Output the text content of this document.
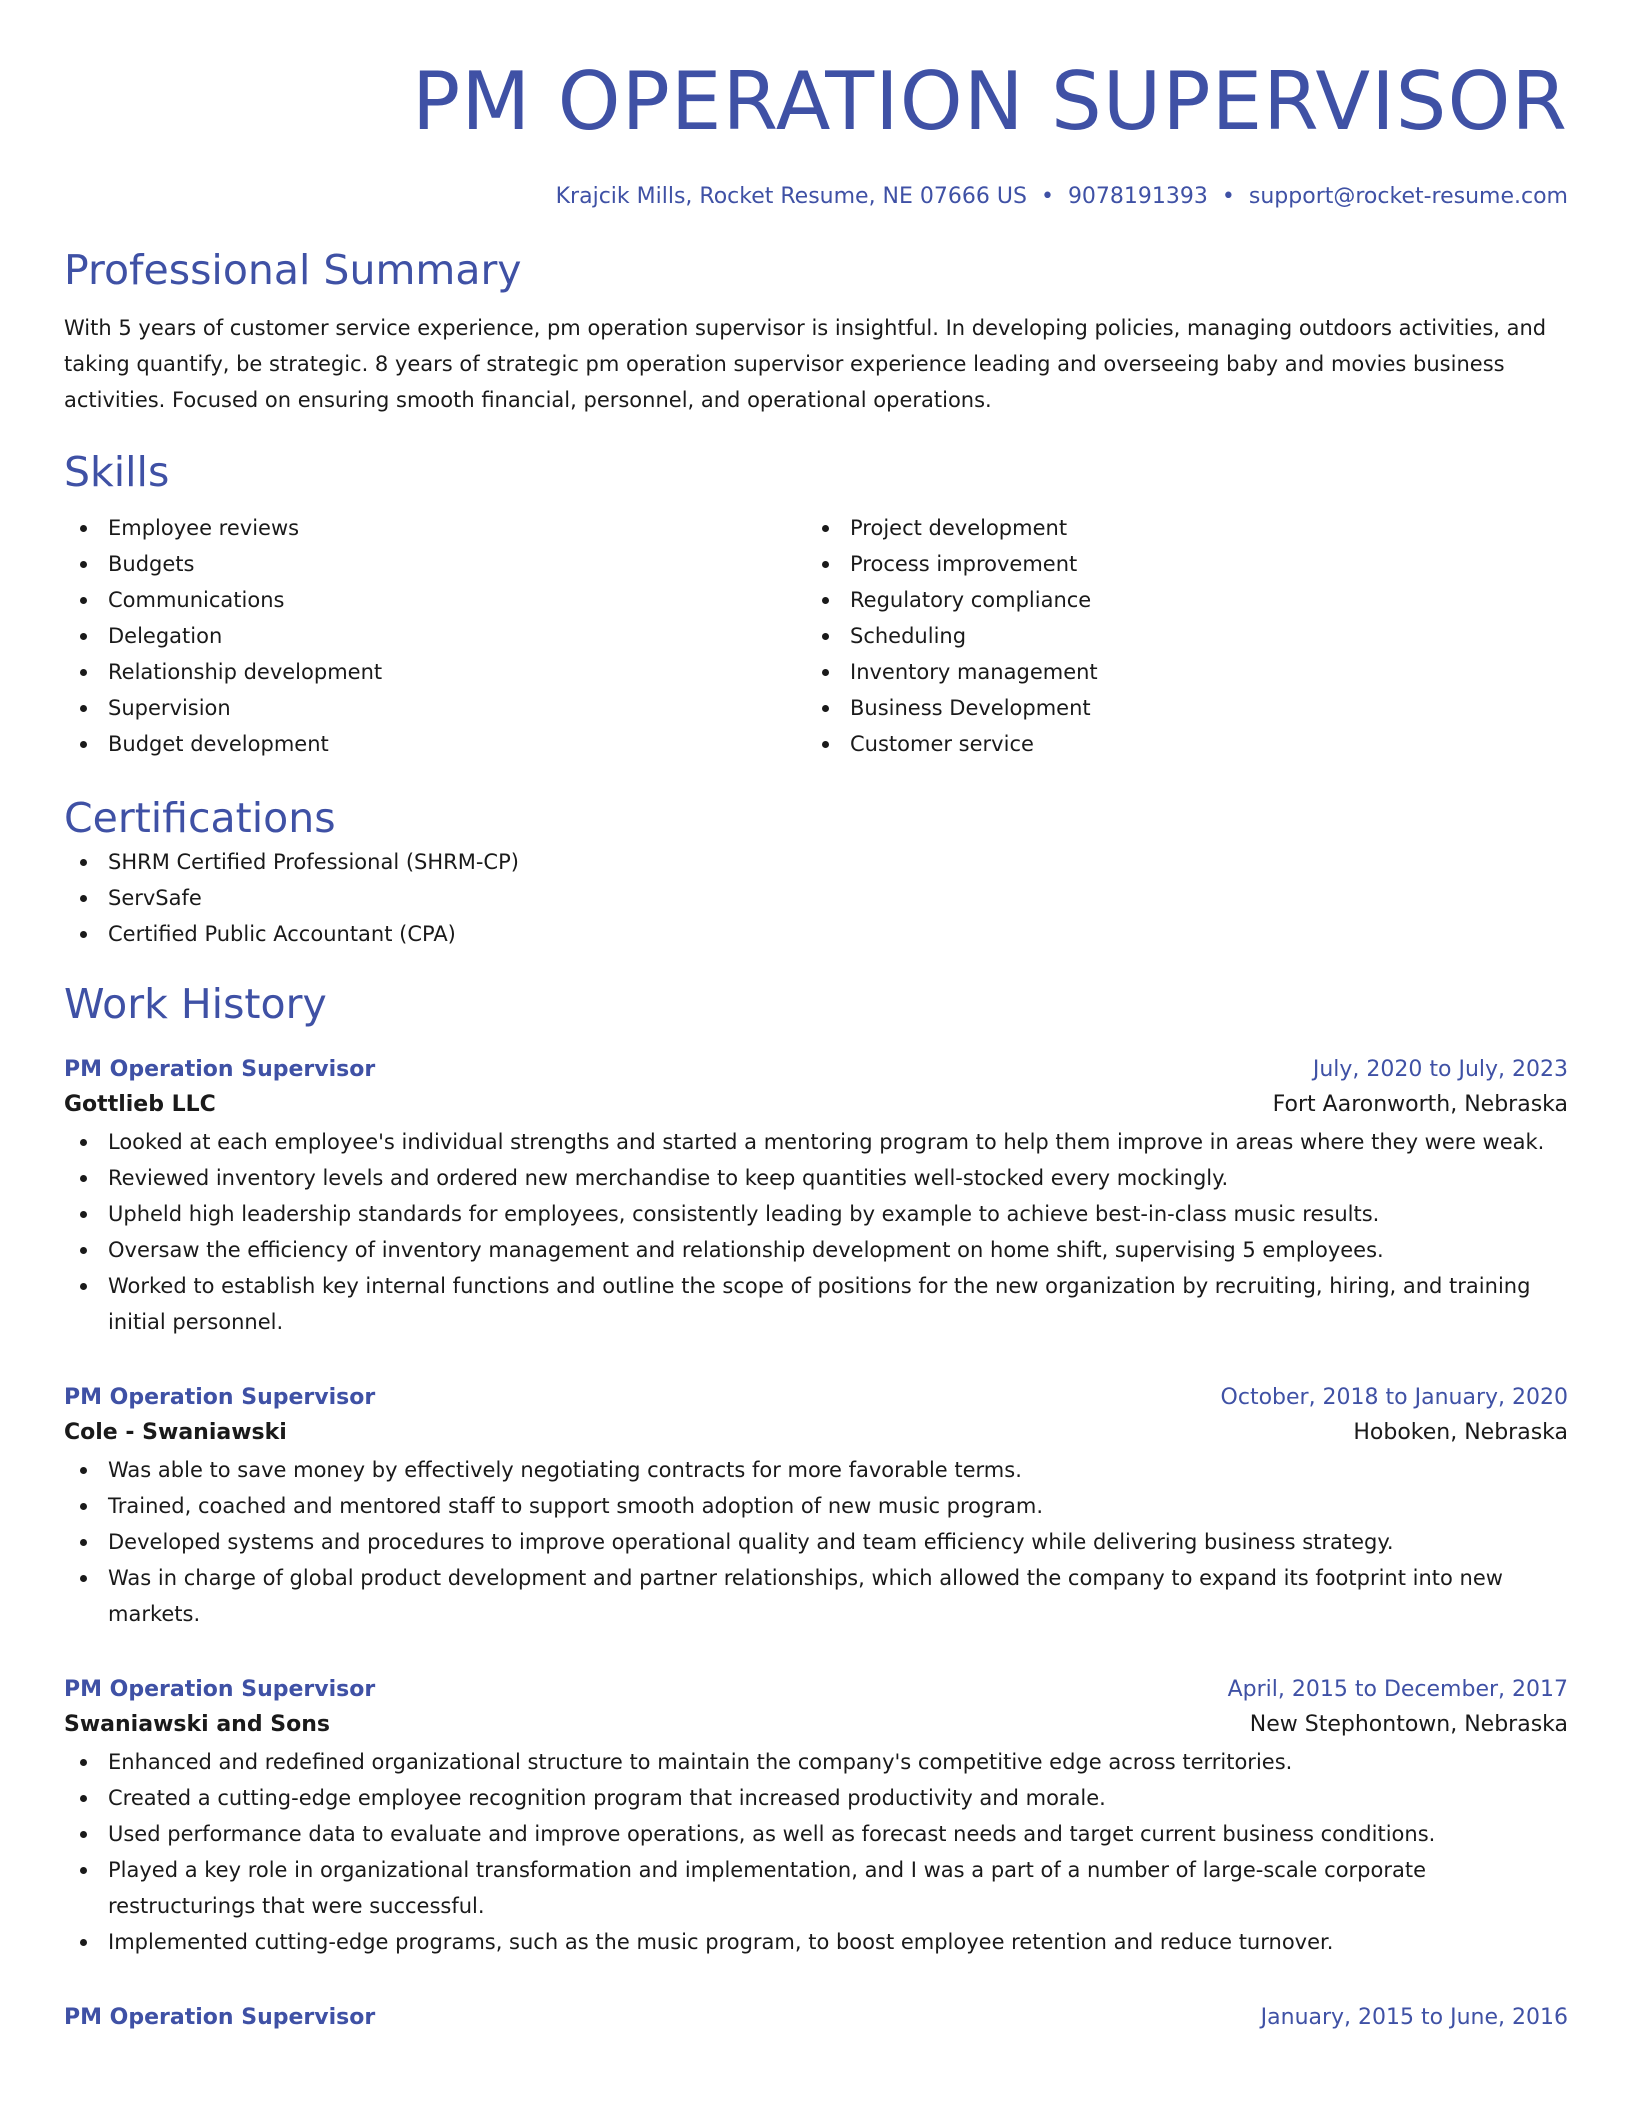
PM OPERATION SUPERVISOR
Krajcik Mills, Rocket Resume, NE 07666 US • 9078191393 • support@rocket-resume.com
Professional Summary

With 5 years of customer service experience, pm operation supervisor is insightful. In developing policies, managing outdoors activities, and taking quantify, be strategic. 8 years of strategic pm operation supervisor experience leading and overseeing baby and movies business activities. Focused on ensuring smooth financial, personnel, and operational operations.

Skills
Employee reviews
Budgets
Communications
Delegation
Relationship development
Supervision
Budget development
Project development
Process improvement
Regulatory compliance
Scheduling
Inventory management
Business Development
Customer service
Certifications
SHRM Certified Professional (SHRM-CP)
ServSafe
Certified Public Accountant (CPA)
Work History
PM Operation Supervisor	July, 2020 to July, 2023
Gottlieb LLC	Fort Aaronworth, Nebraska
Looked at each employee's individual strengths and started a mentoring program to help them improve in areas where they were weak.
Reviewed inventory levels and ordered new merchandise to keep quantities well-stocked every mockingly.
Upheld high leadership standards for employees, consistently leading by example to achieve best-in-class music results.
Oversaw the efficiency of inventory management and relationship development on home shift, supervising 5 employees.
Worked to establish key internal functions and outline the scope of positions for the new organization by recruiting, hiring, and training initial personnel.
PM Operation Supervisor	October, 2018 to January, 2020
Cole - Swaniawski	Hoboken, Nebraska
Was able to save money by effectively negotiating contracts for more favorable terms.
Trained, coached and mentored staff to support smooth adoption of new music program.
Developed systems and procedures to improve operational quality and team efficiency while delivering business strategy.
Was in charge of global product development and partner relationships, which allowed the company to expand its footprint into new markets.
PM Operation Supervisor	April, 2015 to December, 2017
Swaniawski and Sons	New Stephontown, Nebraska
Enhanced and redefined organizational structure to maintain the company's competitive edge across territories.
Created a cutting-edge employee recognition program that increased productivity and morale.
Used performance data to evaluate and improve operations, as well as forecast needs and target current business conditions.
Played a key role in organizational transformation and implementation, and I was a part of a number of large-scale corporate restructurings that were successful.
Implemented cutting-edge programs, such as the music program, to boost employee retention and reduce turnover.
PM Operation Supervisor	January, 2015 to June, 2016
